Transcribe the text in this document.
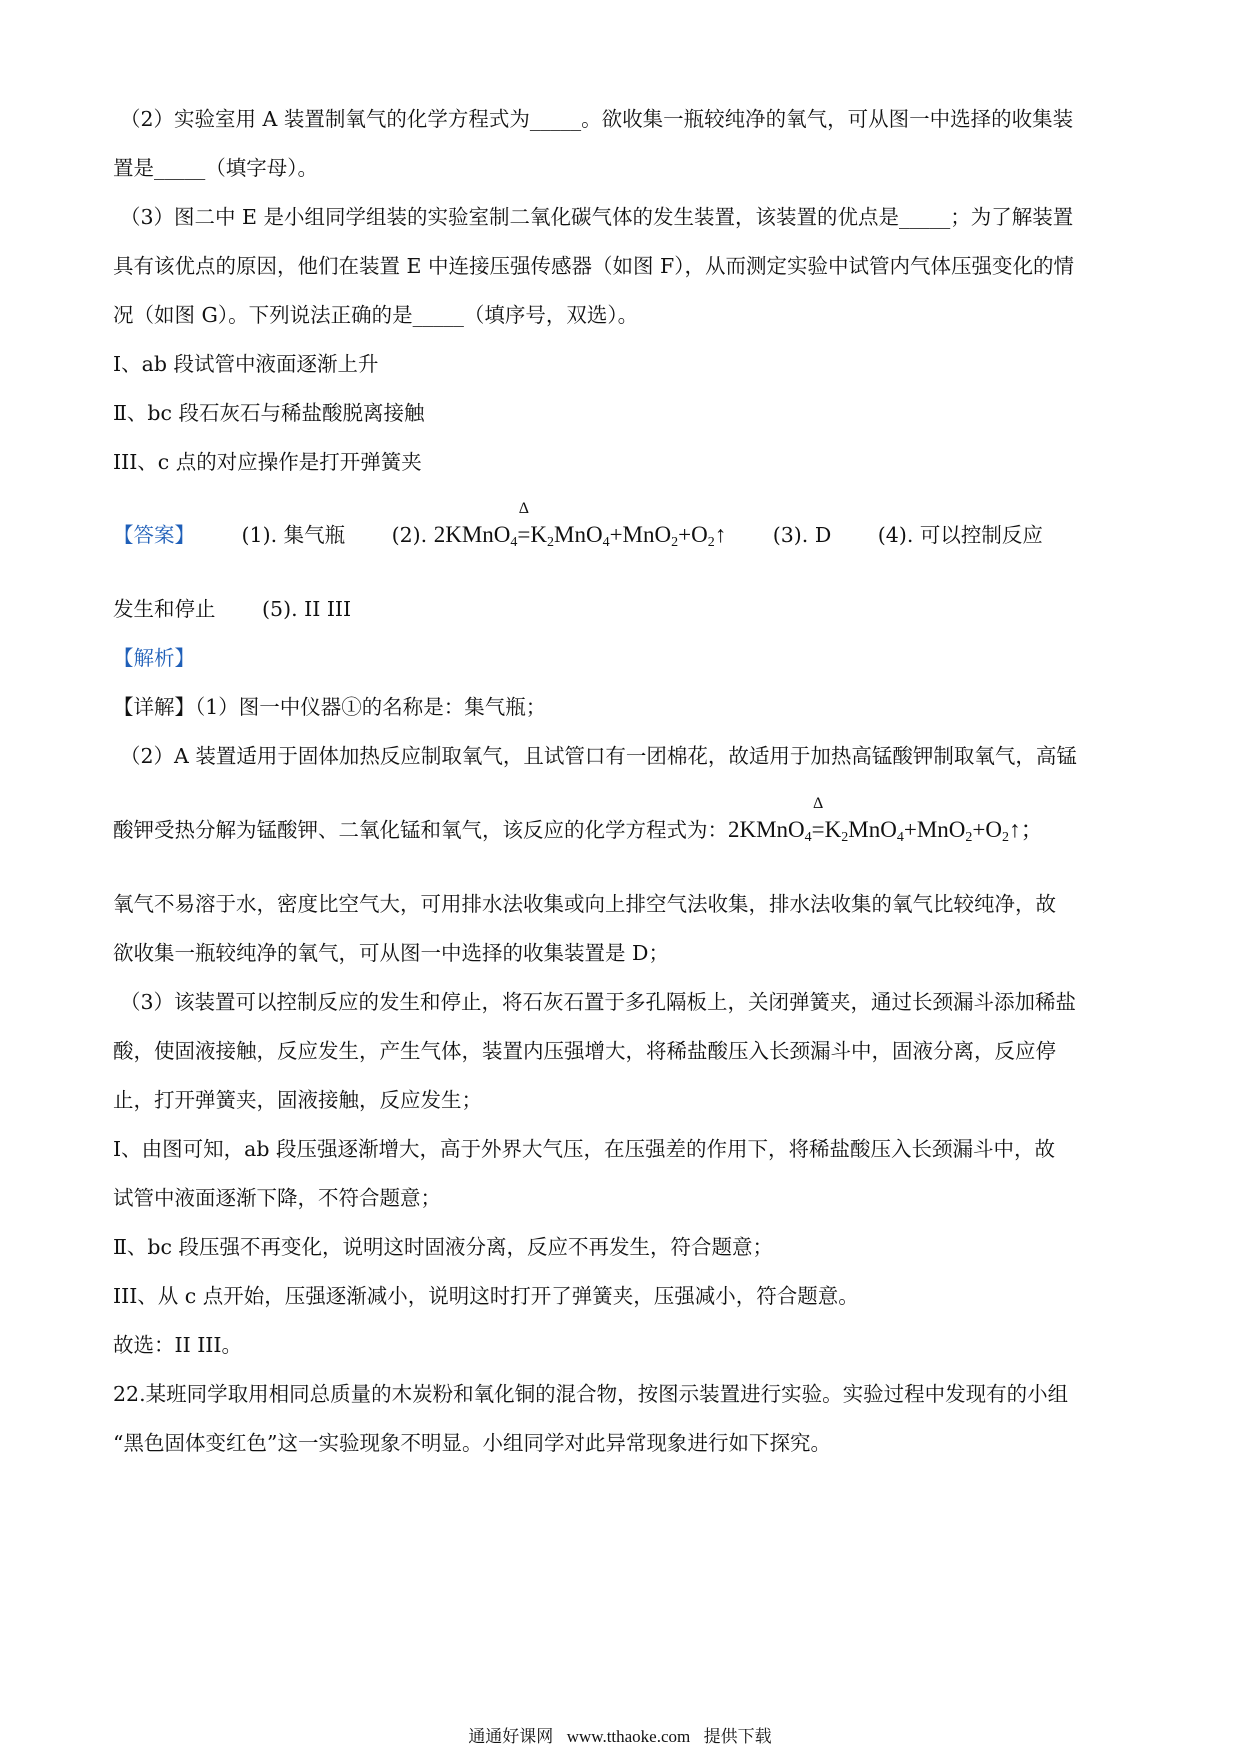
（2）实验室用 A 装置制氧气的化学方程式为_____。欲收集一瓶较纯净的氧气，可从图一中选择的收集装
置是_____（填字母）。
（3）图二中 E 是小组同学组装的实验室制二氧化碳气体的发生装置，该装置的优点是_____；为了解装置
具有该优点的原因，他们在装置 E 中连接压强传感器（如图 F），从而测定实验中试管内气体压强变化的情
况（如图 G）。下列说法正确的是_____（填序号，双选）。
I、ab 段试管中液面逐渐上升
Ⅱ、bc 段石灰石与稀盐酸脱离接触
III、c 点的对应操作是打开弹簧夹
【答案】 (1). 集气瓶 (2). 2KMnO$_4$
Δ
$=K_2MnO_4+MnO_2+O_2↑$ (3). D (4). 可以控制反应
发生和停止 (5). II III
【解析】
【详解】（1）图一中仪器①的名称是：集气瓶；
（2）A 装置适用于固体加热反应制取氧气，且试管口有一团棉花，故适用于加热高锰酸钾制取氧气，高锰
酸钾受热分解为锰酸钾、二氧化锰和氧气，该反应的化学方程式为：2KMnO$_4$
Δ
$=K_2MnO_4+MnO_2+O_2↑$；
氧气不易溶于水，密度比空气大，可用排水法收集或向上排空气法收集，排水法收集的氧气比较纯净，故
欲收集一瓶较纯净的氧气，可从图一中选择的收集装置是 D；
（3）该装置可以控制反应的发生和停止，将石灰石置于多孔隔板上，关闭弹簧夹，通过长颈漏斗添加稀盐
酸，使固液接触，反应发生，产生气体，装置内压强增大，将稀盐酸压入长颈漏斗中，固液分离，反应停
止，打开弹簧夹，固液接触，反应发生；
Ⅰ、由图可知，ab 段压强逐渐增大，高于外界大气压，在压强差的作用下，将稀盐酸压入长颈漏斗中，故
试管中液面逐渐下降，不符合题意；
Ⅱ、bc 段压强不再变化，说明这时固液分离，反应不再发生，符合题意；
III、从 c 点开始，压强逐渐减小，说明这时打开了弹簧夹，压强减小，符合题意。
故选：II III。
22.某班同学取用相同总质量的木炭粉和氧化铜的混合物，按图示装置进行实验。实验过程中发现有的小组
“黑色固体变红色”这一实验现象不明显。小组同学对此异常现象进行如下探究。
通通好课网 www.tthaoke.com 提供下载
